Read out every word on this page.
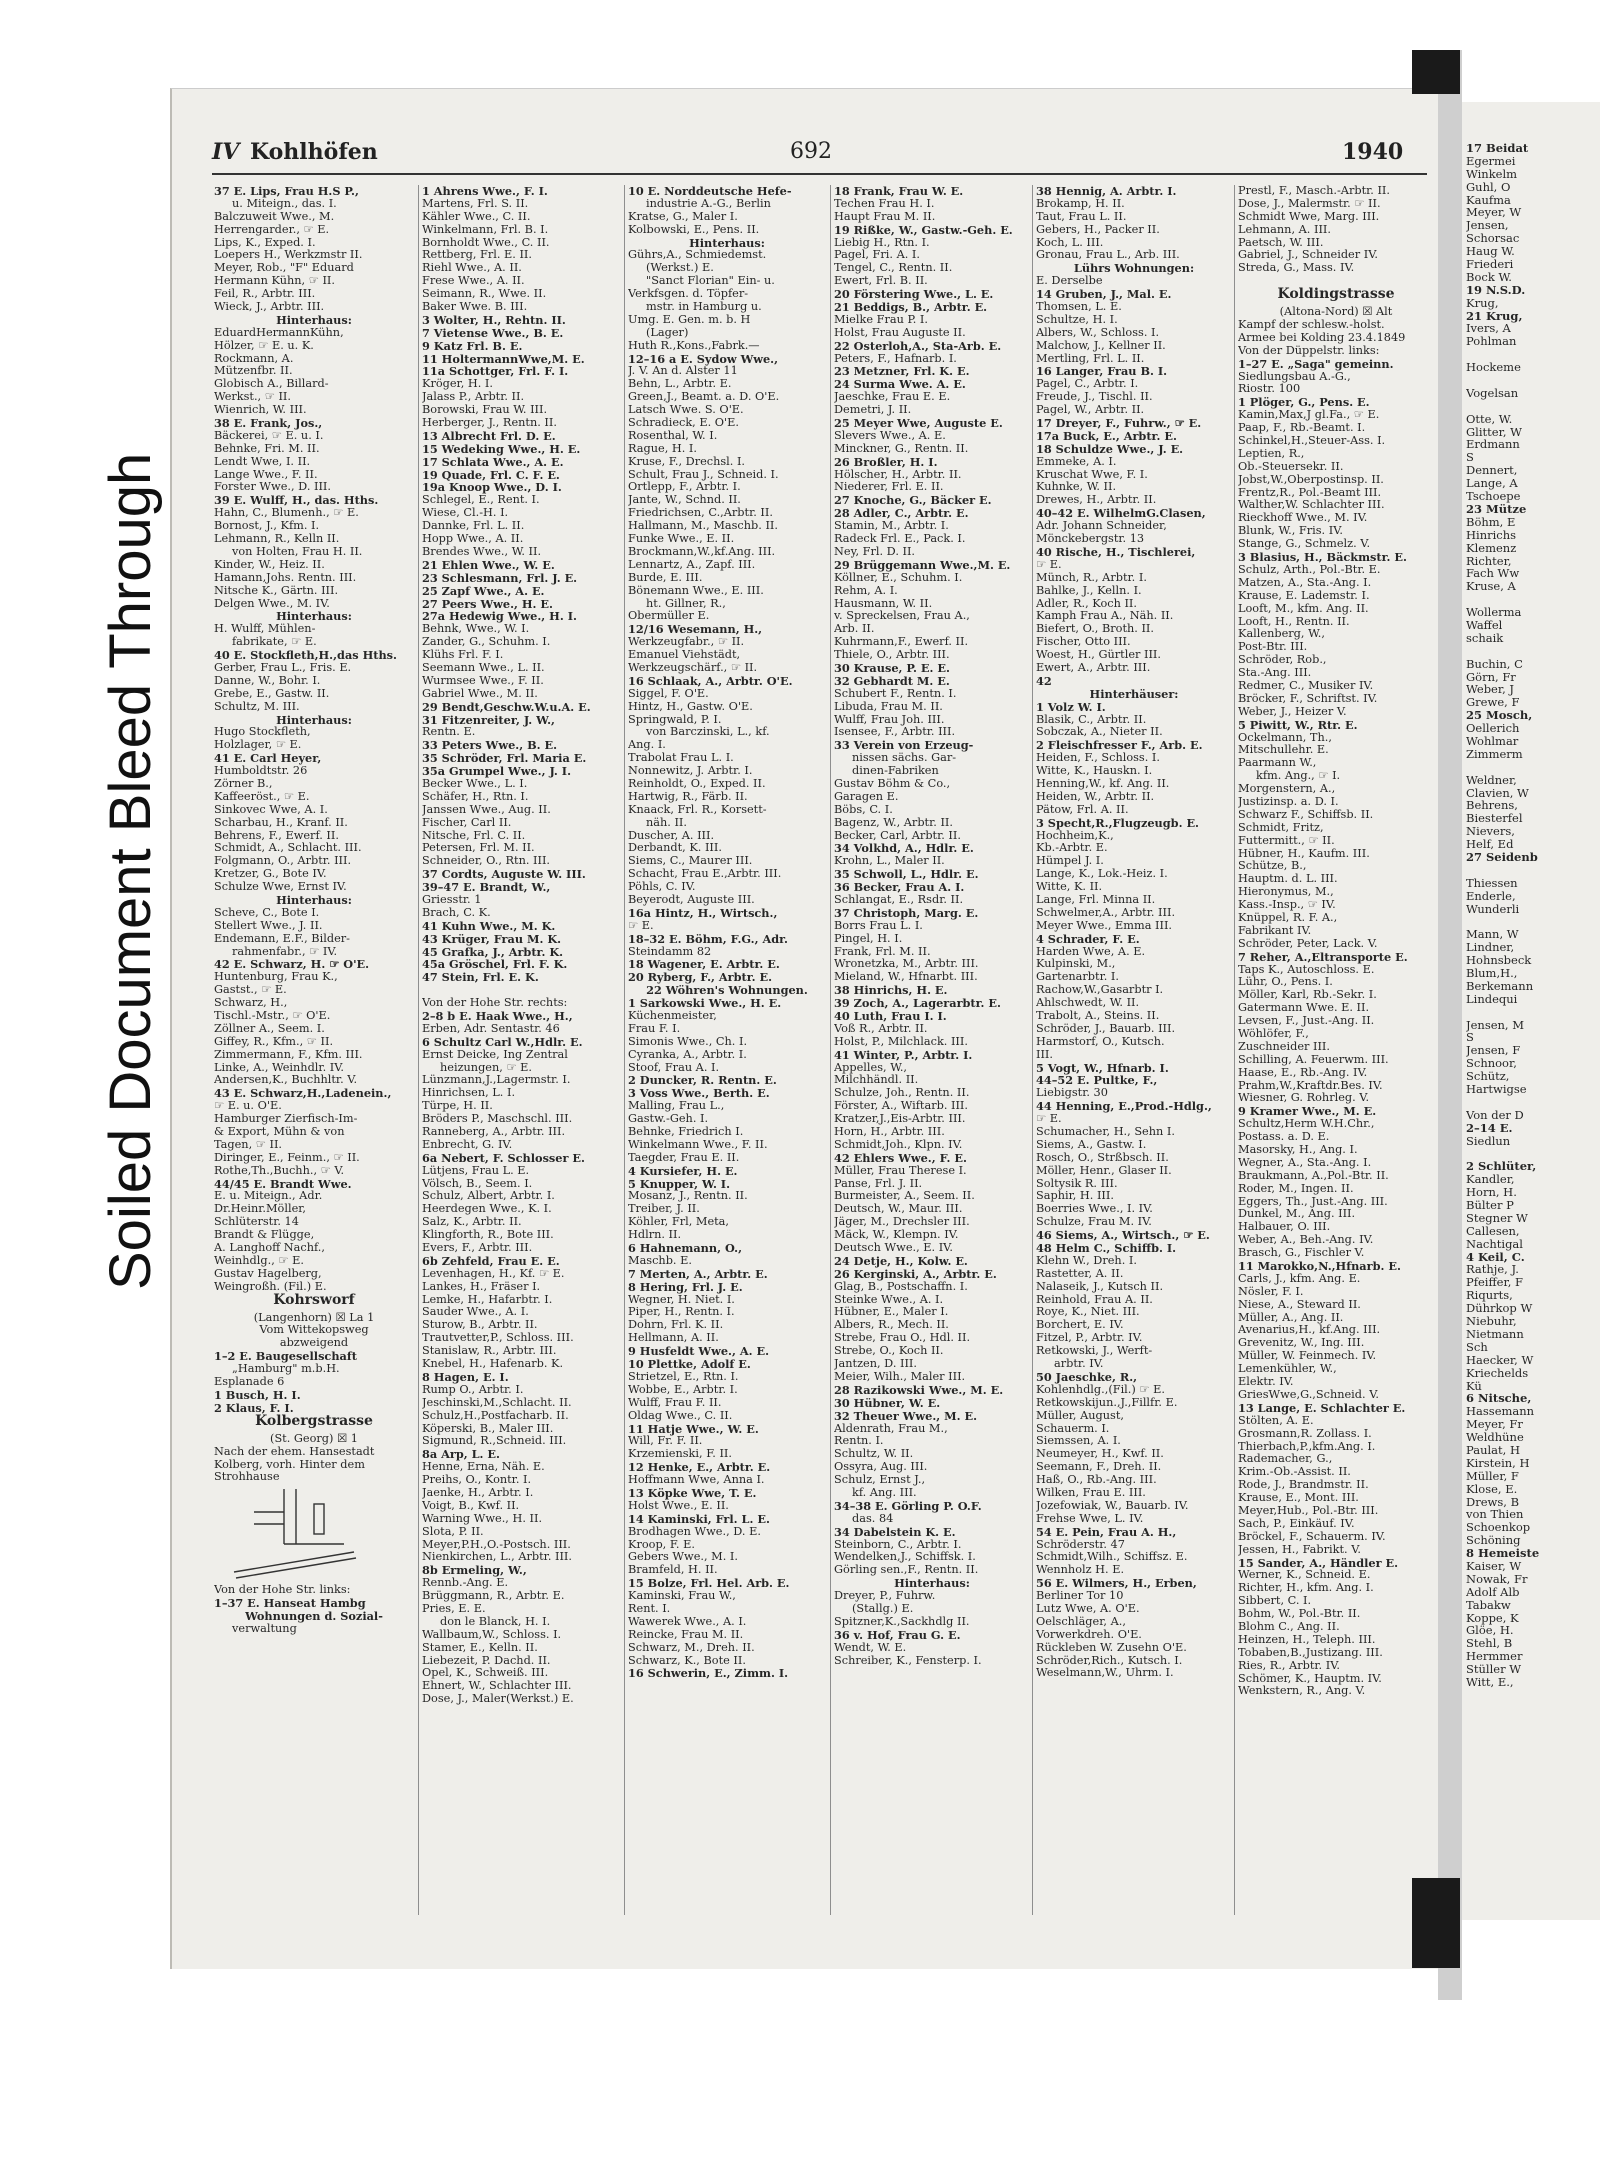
Soiled Document Bleed Through
IV Kohlhöfen	692	1940
37 E. Lips, Frau H.S P.,
u. Miteign., das. I.
Balczuweit Wwe., M.
Herrengarder., ☞ E.
Lips, K., Exped. I.
Loepers H., Werkzmstr II.
Meyer, Rob., "F" Eduard
Hermann Kühn, ☞ II.
Feil, R., Arbtr. III.
Wieck, J., Arbtr. III.
Hinterhaus:
EduardHermannKühn,
Hölzer, ☞ E. u. K.
Rockmann, A.
Mützenfbr. II.
Globisch A., Billard-
Werkst., ☞ II.
Wienrich, W. III.
38 E. Frank, Jos.,
Bäckerei, ☞ E. u. I.
Behnke, Fri. M. II.
Lendt Wwe, I. II.
Lange Wwe., F. II.
Forster Wwe., D. III.
39 E. Wulff, H., das. Hths.
Hahn, C., Blumenh., ☞ E.
Bornost, J., Kfm. I.
Lehmann, R., Kelln II.
von Holten, Frau H. II.
Kinder, W., Heiz. II.
Hamann,Johs. Rentn. III.
Nitsche K., Gärtn. III.
Delgen Wwe., M. IV.
Hinterhaus:
H. Wulff, Mühlen-
fabrikate, ☞ E.
40 E. Stockfleth,H.,das Hths.
Gerber, Frau L., Fris. E.
Danne, W., Bohr. I.
Grebe, E., Gastw. II.
Schultz, M. III.
Hinterhaus:
Hugo Stockfleth,
Holzlager, ☞ E.
41 E. Carl Heyer,
Humboldtstr. 26
Zörner B.,
Kaffeeröst., ☞ E.
Sinkovec Wwe, A. I.
Scharbau, H., Kranf. II.
Behrens, F., Ewerf. II.
Schmidt, A., Schlacht. III.
Folgmann, O., Arbtr. III.
Kretzer, G., Bote IV.
Schulze Wwe, Ernst IV.
Hinterhaus:
Scheve, C., Bote I.
Stellert Wwe., J. II.
Endemann, E.F., Bilder-
rahmenfabr., ☞ IV.
42 E. Schwarz, H. ☞ O'E.
Huntenburg, Frau K.,
Gastst., ☞ E.
Schwarz, H.,
Tischl.-Mstr., ☞ O'E.
Zöllner A., Seem. I.
Giffey, R., Kfm., ☞ II.
Zimmermann, F., Kfm. III.
Linke, A., Weinhdlr. IV.
Andersen,K., Buchhltr. V.
43 E. Schwarz,H.,Ladenein.,
☞ E. u. O'E.
Hamburger Zierfisch-Im-
& Export, Mühn & von
Tagen, ☞ II.
Diringer, E., Feinm., ☞ II.
Rothe,Th.,Buchh., ☞ V.
44/45 E. Brandt Wwe.
E. u. Miteign., Adr.
Dr.Heinr.Möller,
Schlüterstr. 14
Brandt & Flügge,
A. Langhoff Nachf.,
Weinhdlg., ☞ E.
Gustav Hagelberg,
Weingroßh. (Fil.) E.
Kohrsworf
(Langenhorn) ☒ La 1
Vom Wittekopsweg
abzweigend
1–2 E. Baugesellschaft
„Hamburg" m.b.H.
Esplanade 6
1 Busch, H. I.
2 Klaus, F. I.
Kolbergstrasse
(St. Georg) ☒ 1
Nach der ehem. Hansestadt
Kolberg, vorh. Hinter dem
Strohhause
Von der Hohe Str. links:
1–37 E. Hanseat Hambg
Wohnungen d. Sozial-
verwaltung
1 Ahrens Wwe., F. I.
Martens, Frl. S. II.
Kähler Wwe., C. II.
Winkelmann, Frl. B. I.
Bornholdt Wwe., C. II.
Rettberg, Frl. E. II.
Riehl Wwe., A. II.
Frese Wwe., A. II.
Seimann, R., Wwe. II.
Baker Wwe. B. III.
3 Wolter, H., Rehtn. II.
7 Vietense Wwe., B. E.
9 Katz Frl. B. E.
11 HoltermannWwe,M. E.
11a Schottger, Frl. F. I.
Kröger, H. I.
Jalass P., Arbtr. II.
Borowski, Frau W. III.
Herberger, J., Rentn. II.
13 Albrecht Frl. D. E.
15 Wedeking Wwe., H. E.
17 Schlata Wwe., A. E.
19 Quade, Frl. C. F. E.
19a Knoop Wwe., D. I.
Schlegel, E., Rent. I.
Wiese, Cl.-H. I.
Dannke, Frl. L. II.
Hopp Wwe., A. II.
Brendes Wwe., W. II.
21 Ehlen Wwe., W. E.
23 Schlesmann, Frl. J. E.
25 Zapf Wwe., A. E.
27 Peers Wwe., H. E.
27a Hedewig Wwe., H. I.
Behnk, Wwe., W. I.
Zander, G., Schuhm. I.
Klühs Frl. F. I.
Seemann Wwe., L. II.
Wurmsee Wwe., F. II.
Gabriel Wwe., M. II.
29 Bendt,Geschw.W.u.A. E.
31 Fitzenreiter, J. W.,
Rentn. E.
33 Peters Wwe., B. E.
35 Schröder, Frl. Maria E.
35a Grumpel Wwe., J. I.
Becker Wwe., L. I.
Schäfer, H., Rtn. I.
Janssen Wwe., Aug. II.
Fischer, Carl II.
Nitsche, Frl. C. II.
Petersen, Frl. M. II.
Schneider, O., Rtn. III.
37 Cordts, Auguste W. III.
39–47 E. Brandt, W.,
Griesstr. 1
Brach, C. K.
41 Kuhn Wwe., M. K.
43 Krüger, Frau M. K.
45 Grafka, J., Arbtr. K.
45a Gröschel, Frl. F. K.
47 Stein, Frl. E. K.
Von der Hohe Str. rechts:
2–8 b E. Haak Wwe., H.,
Erben, Adr. Sentastr. 46
6 Schultz Carl W.,Hdlr. E.
Ernst Deicke, Ing Zentral
heizungen, ☞ E.
Lünzmann,J.,Lagermstr. I.
Hinrichsen, L. I.
Türpe, H. II.
Bröders P., Maschschl. III.
Ranneberg, A., Arbtr. III.
Enbrecht, G. IV.
6a Nebert, F. Schlosser E.
Lütjens, Frau L. E.
Völsch, B., Seem. I.
Schulz, Albert, Arbtr. I.
Heerdegen Wwe., K. I.
Salz, K., Arbtr. II.
Klingforth, R., Bote III.
Evers, F., Arbtr. III.
6b Zehfeld, Frau E. E.
Levenhagen, H., Kf. ☞ E.
Lankes, H., Fräser I.
Lemke, H., Hafarbtr. I.
Sauder Wwe., A. I.
Sturow, B., Arbtr. II.
Trautvetter,P., Schloss. III.
Stanislaw, R., Arbtr. III.
Knebel, H., Hafenarb. K.
8 Hagen, E. I.
Rump O., Arbtr. I.
Jeschinski,M.,Schlacht. II.
Schulz,H.,Postfacharb. II.
Köperski, B., Maler III.
Sigmund, R.,Schneid. III.
8a Arp, L. E.
Henne, Erna, Näh. E.
Preihs, O., Kontr. I.
Jaenke, H., Arbtr. I.
Voigt, B., Kwf. II.
Warning Wwe., H. II.
Slota, P. II.
Meyer,P.H.,O.-Postsch. III.
Nienkirchen, L., Arbtr. III.
8b Ermeling, W.,
Rennb.-Ang. E.
Brüggmann, R., Arbtr. E.
Pries, E. E.
don le Blanck, H. I.
Wallbaum,W., Schloss. I.
Stamer, E., Kelln. II.
Liebezeit, P. Dachd. II.
Opel, K., Schweiß. III.
Ehnert, W., Schlachter III.
Dose, J., Maler(Werkst.) E.
10 E. Norddeutsche Hefe-
industrie A.-G., Berlin
Kratse, G., Maler I.
Kolbowski, E., Pens. II.
Hinterhaus:
Gührs,A., Schmiedemst.
(Werkst.) E.
"Sanct Florian" Ein- u.
Verkfsgen. d. Töpfer-
mstr. in Hamburg u.
Umg. E. Gen. m. b. H
(Lager)
Huth R.,Kons.,Fabrk.—
12–16 a E. Sydow Wwe.,
J. V. An d. Alster 11
Behn, L., Arbtr. E.
Green,J., Beamt. a. D. O'E.
Latsch Wwe. S. O'E.
Schradieck, E. O'E.
Rosenthal, W. I.
Rague, H. I.
Kruse, F., Drechsl. I.
Schult, Frau J., Schneid. I.
Ortlepp, F., Arbtr. I.
Jante, W., Schnd. II.
Friedrichsen, C.,Arbtr. II.
Hallmann, M., Maschb. II.
Funke Wwe., E. II.
Brockmann,W.,kf.Ang. III.
Lennartz, A., Zapf. III.
Burde, E. III.
Bönemann Wwe., E. III.
ht. Gillner, R.,
Obermüller E.
12/16 Wesemann, H.,
Werkzeugfabr., ☞ II.
Emanuel Viehstädt,
Werkzeugschärf., ☞ II.
16 Schlaak, A., Arbtr. O'E.
Siggel, F. O'E.
Hintz, H., Gastw. O'E.
Springwald, P. I.
von Barczinski, L., kf.
Ang. I.
Trabolat Frau L. I.
Nonnewitz, J. Arbtr. I.
Reinholdt, O., Exped. II.
Hartwig, R., Färb. II.
Knaack, Frl. R., Korsett-
näh. II.
Duscher, A. III.
Derbandt, K. III.
Siems, C., Maurer III.
Schacht, Frau E.,Arbtr. III.
Pöhls, C. IV.
Beyerodt, Auguste III.
16a Hintz, H., Wirtsch.,
☞ E.
18–32 E. Böhm, F.G., Adr.
Steindamm 82
18 Wagener, E. Arbtr. E.
20 Ryberg, F., Arbtr. E.
22 Wöhren's Wohnungen.
1 Sarkowski Wwe., H. E.
Küchenmeister,
Frau F. I.
Simonis Wwe., Ch. I.
Cyranka, A., Arbtr. I.
Stoof, Frau A. I.
2 Duncker, R. Rentn. E.
3 Voss Wwe., Berth. E.
Malling, Frau L.,
Gastw.-Geh. I.
Behnke, Friedrich I.
Winkelmann Wwe., F. II.
Taegder, Frau E. II.
4 Kursiefer, H. E.
5 Knupper, W. I.
Mosanz, J., Rentn. II.
Treiber, J. II.
Köhler, Frl, Meta,
Hdlrn. II.
6 Hahnemann, O.,
Maschb. E.
7 Merten, A., Arbtr. E.
8 Hering, Frl. J. E.
Wegner, H. Niet. I.
Piper, H., Rentn. I.
Dohrn, Frl. K. II.
Hellmann, A. II.
9 Husfeldt Wwe., A. E.
10 Plettke, Adolf E.
Strietzel, E., Rtn. I.
Wobbe, E., Arbtr. I.
Wulff, Frau F. II.
Oldag Wwe., C. II.
11 Hatje Wwe., W. E.
Will, Fr. F. II.
Krzemienski, F. II.
12 Henke, E., Arbtr. E.
Hoffmann Wwe, Anna I.
13 Köpke Wwe, T. E.
Holst Wwe., E. II.
14 Kaminski, Frl. L. E.
Brodhagen Wwe., D. E.
Kroop, F. E.
Gebers Wwe., M. I.
Bramfeld, H. II.
15 Bolze, Frl. Hel. Arb. E.
Kaminski, Frau W.,
Rent. I.
Wawerek Wwe., A. I.
Reincke, Frau M. II.
Schwarz, M., Dreh. II.
Schwarz, K., Bote II.
16 Schwerin, E., Zimm. I.
18 Frank, Frau W. E.
Techen Frau H. I.
Haupt Frau M. II.
19 Rißke, W., Gastw.-Geh. E.
Liebig H., Rtn. I.
Pagel, Fri. A. I.
Tengel, C., Rentn. II.
Ewert, Frl. B. II.
20 Förstering Wwe., L. E.
21 Beddigs, B., Arbtr. E.
Mielke Frau P. I.
Holst, Frau Auguste II.
22 Osterloh,A., Sta-Arb. E.
Peters, F., Hafnarb. I.
23 Metzner, Frl. K. E.
24 Surma Wwe. A. E.
Jaeschke, Frau E. E.
Demetri, J. II.
25 Meyer Wwe, Auguste E.
Slevers Wwe., A. E.
Minckner, G., Rentn. II.
26 Broßler, H. I.
Hölscher, H., Arbtr. II.
Niederer, Frl. E. II.
27 Knoche, G., Bäcker E.
28 Adler, C., Arbtr. E.
Stamin, M., Arbtr. I.
Radeck Frl. E., Pack. I.
Ney, Frl. D. II.
29 Brüggemann Wwe.,M. E.
Köllner, E., Schuhm. I.
Rehm, A. I.
Hausmann, W. II.
v. Spreckelsen, Frau A.,
Arb. II.
Kuhrmann,F., Ewerf. II.
Thiele, O., Arbtr. III.
30 Krause, P. E. E.
32 Gebhardt M. E.
Schubert F., Rentn. I.
Libuda, Frau M. II.
Wulff, Frau Joh. III.
Isensee, F., Arbtr. III.
33 Verein von Erzeug-
nissen sächs. Gar-
dinen-Fabriken
Gustav Böhm & Co.,
Garagen E.
Böbs, C. I.
Bagenz, W., Arbtr. II.
Becker, Carl, Arbtr. II.
34 Volkhd, A., Hdlr. E.
Krohn, L., Maler II.
35 Schwoll, L., Hdlr. E.
36 Becker, Frau A. I.
Schlangat, E., Rsdr. II.
37 Christoph, Marg. E.
Borrs Frau L. I.
Pingel, H. I.
Frank, Frl. M. II.
Wronetzka, M., Arbtr. III.
Mieland, W., Hfnarbt. III.
38 Hinrichs, H. E.
39 Zoch, A., Lagerarbtr. E.
40 Luth, Frau I. I.
Voß R., Arbtr. II.
Holst, P., Milchlack. III.
41 Winter, P., Arbtr. I.
Appelles, W.,
Milchhändl. II.
Schulze, Joh., Rentn. II.
Förster, A., Wiftarb. III.
Kratzer,J.,Eis-Arbtr. III.
Horn, H., Arbtr. III.
Schmidt,Joh., Klpn. IV.
42 Ehlers Wwe., F. E.
Müller, Frau Therese I.
Panse, Frl. J. II.
Burmeister, A., Seem. II.
Deutsch, W., Maur. III.
Jäger, M., Drechsler III.
Mäck, W., Klempn. IV.
Deutsch Wwe., E. IV.
24 Detje, H., Kolw. E.
26 Kerginski, A., Arbtr. E.
Glag, B., Postschaffn. I.
Steinke Wwe., A. I.
Hübner, E., Maler I.
Albers, R., Mech. II.
Strebe, Frau O., Hdl. II.
Strebe, O., Koch II.
Jantzen, D. III.
Meier, Wilh., Maler III.
28 Razikowski Wwe., M. E.
30 Hübner, W. E.
32 Theuer Wwe., M. E.
Aldenrath, Frau M.,
Rentn. I.
Schultz, W. II.
Ossyra, Aug. III.
Schulz, Ernst J.,
kf. Ang. III.
34–38 E. Görling P. O.F.
das. 84
34 Dabelstein K. E.
Steinborn, C., Arbtr. I.
Wendelken,J., Schiffsk. I.
Görling sen.,F., Rentn. II.
Hinterhaus:
Dreyer, P., Fuhrw.
(Stallg.) E.
Spitzner,K.,Sackhdlg II.
36 v. Hof, Frau G. E.
Wendt, W. E.
Schreiber, K., Fensterp. I.
38 Hennig, A. Arbtr. I.
Brokamp, H. II.
Taut, Frau L. II.
Gebers, H., Packer II.
Koch, L. III.
Gronau, Frau L., Arb. III.
Lührs Wohnungen:
E. Derselbe
14 Gruben, J., Mal. E.
Thomsen, L. E.
Schultze, H. I.
Albers, W., Schloss. I.
Malchow, J., Kellner II.
Mertling, Frl. L. II.
16 Langer, Frau B. I.
Pagel, C., Arbtr. I.
Freude, J., Tischl. II.
Pagel, W., Arbtr. II.
17 Dreyer, F., Fuhrw., ☞ E.
17a Buck, E., Arbtr. E.
18 Schuldze Wwe., J. E.
Emmeke, A. I.
Kruschat Wwe, F. I.
Kuhnke, W. II.
Drewes, H., Arbtr. II.
40–42 E. WilhelmG.Clasen,
Adr. Johann Schneider,
Mönckebergstr. 13
40 Rische, H., Tischlerei,
☞ E.
Münch, R., Arbtr. I.
Bahlke, J., Kelln. I.
Adler, R., Koch II.
Kamph Frau A., Näh. II.
Biefert, O., Broth. II.
Fischer, Otto III.
Woest, H., Gürtler III.
Ewert, A., Arbtr. III.
42
Hinterhäuser:
1 Volz W. I.
Blasik, C., Arbtr. II.
Sobczak, A., Nieter II.
2 Fleischfresser F., Arb. E.
Heiden, F., Schloss. I.
Witte, K., Hauskn. I.
Henning,W., kf. Ang. II.
Heiden, W., Arbtr. II.
Pätow, Frl. A. II.
3 Specht,R.,Flugzeugb. E.
Hochheim,K.,
Kb.-Arbtr. E.
Hümpel J. I.
Lange, K., Lok.-Heiz. I.
Witte, K. II.
Lange, Frl. Minna II.
Schwelmer,A., Arbtr. III.
Meyer Wwe., Emma III.
4 Schrader, F. E.
Harden Wwe, A. E.
Kulpinski, M.,
Gartenarbtr. I.
Rachow,W.,Gasarbtr I.
Ahlschwedt, W. II.
Trabolt, A., Steins. II.
Schröder, J., Bauarb. III.
Harmstorf, O., Kutsch.
III.
5 Vogt, W., Hfnarb. I.
44–52 E. Pultke, F.,
Liebigstr. 30
44 Henning, E.,Prod.-Hdlg.,
☞ E.
Schumacher, H., Sehn I.
Siems, A., Gastw. I.
Rosch, O., Strßbsch. II.
Möller, Henr., Glaser II.
Soltysik R. III.
Saphir, H. III.
Boerries Wwe., I. IV.
Schulze, Frau M. IV.
46 Siems, A., Wirtsch., ☞ E.
48 Helm C., Schiffb. I.
Klehn W., Dreh. I.
Rastetter, A. II.
Nalaseik, J., Kutsch II.
Reinhold, Frau A. II.
Roye, K., Niet. III.
Borchert, E. IV.
Fitzel, P., Arbtr. IV.
Retkowski, J., Werft-
arbtr. IV.
50 Jaeschke, R.,
Kohlenhdlg.,(Fil.) ☞ E.
Retkowskijun.,J.,Fillfr. E.
Müller, August,
Schauerm. I.
Siemssen, A. I.
Neumeyer, H., Kwf. II.
Seemann, F., Dreh. II.
Haß, O., Rb.-Ang. III.
Wilken, Frau E. III.
Jozefowiak, W., Bauarb. IV.
Frehse Wwe, L. IV.
54 E. Pein, Frau A. H.,
Schröderstr. 47
Schmidt,Wilh., Schiffsz. E.
Wennholz H. E.
56 E. Wilmers, H., Erben,
Berliner Tor 10
Lutz Wwe, A. O'E.
Oelschläger, A.,
Vorwerkdreh. O'E.
Rückleben W. Zusehn O'E.
Schröder,Rich., Kutsch. I.
Weselmann,W., Uhrm. I.
Prestl, F., Masch.-Arbtr. II.
Dose, J., Malermstr. ☞ II.
Schmidt Wwe, Marg. III.
Lehmann, A. III.
Paetsch, W. III.
Gabriel, J., Schneider IV.
Streda, G., Mass. IV.
Koldingstrasse
(Altona-Nord) ☒ Alt
Kampf der schlesw.-holst.
Armee bei Kolding 23.4.1849
Von der Düppelstr. links:
1–27 E. „Saga" gemeinn.
Siedlungsbau A.-G.,
Riostr. 100
1 Plöger, G., Pens. E.
Kamin,Max,J gl.Fa., ☞ E.
Paap, F., Rb.-Beamt. I.
Schinkel,H.,Steuer-Ass. I.
Leptien, R.,
Ob.-Steuersekr. II.
Jobst,W.,Oberpostinsp. II.
Frentz,R., Pol.-Beamt III.
Walther,W. Schlachter III.
Rieckhoff Wwe., M. IV.
Blunk, W., Fris. IV.
Stange, G., Schmelz. V.
3 Blasius, H., Bäckmstr. E.
Schulz, Arth., Pol.-Btr. E.
Matzen, A., Sta.-Ang. I.
Krause, E. Lademstr. I.
Looft, M., kfm. Ang. II.
Looft, H., Rentn. II.
Kallenberg, W.,
Post-Btr. III.
Schröder, Rob.,
Sta.-Ang. III.
Redmer, C., Musiker IV.
Bröcker, F., Schriftst. IV.
Weber, J., Heizer V.
5 Piwitt, W., Rtr. E.
Ockelmann, Th.,
Mitschullehr. E.
Paarmann W.,
kfm. Ang., ☞ I.
Morgenstern, A.,
Justizinsp. a. D. I.
Schwarz F., Schiffsb. II.
Schmidt, Fritz,
Futtermitt., ☞ II.
Hübner, H., Kaufm. III.
Schütze, B.,
Hauptm. d. L. III.
Hieronymus, M.,
Kass.-Insp., ☞ IV.
Knüppel, R. F. A.,
Fabrikant IV.
Schröder, Peter, Lack. V.
7 Reher, A.,Eltransporte E.
Taps K., Autoschloss. E.
Lühr, O., Pens. I.
Möller, Karl, Rb.-Sekr. I.
Gatermann Wwe. E. II.
Levsen, F., Just.-Ang. II.
Wöhlöfer, F.,
Zuschneider III.
Schilling, A. Feuerwm. III.
Haase, E., Rb.-Ang. IV.
Prahm,W.,Kraftdr.Bes. IV.
Wiesner, G. Rohrleg. V.
9 Kramer Wwe., M. E.
Schultz,Herm W.H.Chr.,
Postass. a. D. E.
Masorsky, H., Ang. I.
Wegner, A., Sta.-Ang. I.
Braukmann, A.,Pol.-Btr. II.
Roder, M., Ingen. II.
Eggers, Th., Just.-Ang. III.
Dunkel, M., Ang. III.
Halbauer, O. III.
Weber, A., Beh.-Ang. IV.
Brasch, G., Fischler V.
11 Marokko,N.,Hfnarb. E.
Carls, J., kfm. Ang. E.
Nösler, F. I.
Niese, A., Steward II.
Müller, A., Ang. II.
Avenarius,H., kf.Ang. III.
Grevenitz, W., Ing. III.
Müller, W. Feinmech. IV.
Lemenkühler, W.,
Elektr. IV.
GriesWwe,G.,Schneid. V.
13 Lange, E. Schlachter E.
Stölten, A. E.
Grosmann,R. Zollass. I.
Thierbach,P.,kfm.Ang. I.
Rademacher, G.,
Krim.-Ob.-Assist. II.
Rode, J., Brandmstr. II.
Krause, E., Mont. III.
Meyer,Hub., Pol.-Btr. III.
Sach, P., Einkäuf. IV.
Bröckel, F., Schauerm. IV.
Jessen, H., Fabrikt. V.
15 Sander, A., Händler E.
Werner, K., Schneid. E.
Richter, H., kfm. Ang. I.
Sibbert, C. I.
Bohm, W., Pol.-Btr. II.
Blohm C., Ang. II.
Heinzen, H., Teleph. III.
Tobaben,B.,Justizang. III.
Ries, R., Arbtr. IV.
Schömer, K., Hauptm. IV.
Wenkstern, R., Ang. V.
17 Beidat
Egermei
Winkelm
Guhl, O
Kaufma
Meyer, W
Jensen,
Schorsac
Haug W.
Friederi
Bock W.
19 N.S.D.
Krug,
21 Krug,
Ivers, A
Pohlman
Hockeme
Vogelsan
Otte, W.
Glitter, W
Erdmann
S
Dennert,
Lange, A
Tschoepe
23 Mütze
Böhm, E
Hinrichs
Klemenz
Richter,
Fach Ww
Kruse, A
Wollerma
Waffel
schaik
Buchin, C
Görn, Fr
Weber, J
Grewe, F
25 Mosch,
Oellerich
Wohlmar
Zimmerm
Weldner,
Clavien, W
Behrens,
Biesterfel
Nievers,
Helf, Ed
27 Seidenb
Thiessen
Enderle,
Wunderli
Mann, W
Lindner,
Hohnsbeck
Blum,H.,
Berkemann
Lindequi
Jensen, M
S
Jensen, F
Schnoor,
Schütz,
Hartwigse
Von der D
2–14 E.
Siedlun
2 Schlüter,
Kandler,
Horn, H.
Bülter P
Stegner W
Callesen,
Nachtigal
4 Keil, C.
Rathje, J.
Pfeiffer, F
Riqurts,
Dührkop W
Niebuhr,
Nietmann
Sch
Haecker, W
Kriechelds
Kü
6 Nitsche,
Hassemann
Meyer, Fr
Weldhüne
Paulat, H
Kirstein, H
Müller, F
Klose, E.
Drews, B
von Thien
Schoenkop
Schöning
8 Hemeiste
Kaiser, W
Nowak, Fr
Adolf Alb
Tabakw
Koppe, K
Glöe, H.
Stehl, B
Hermmer
Stüller W
Witt, E.,
